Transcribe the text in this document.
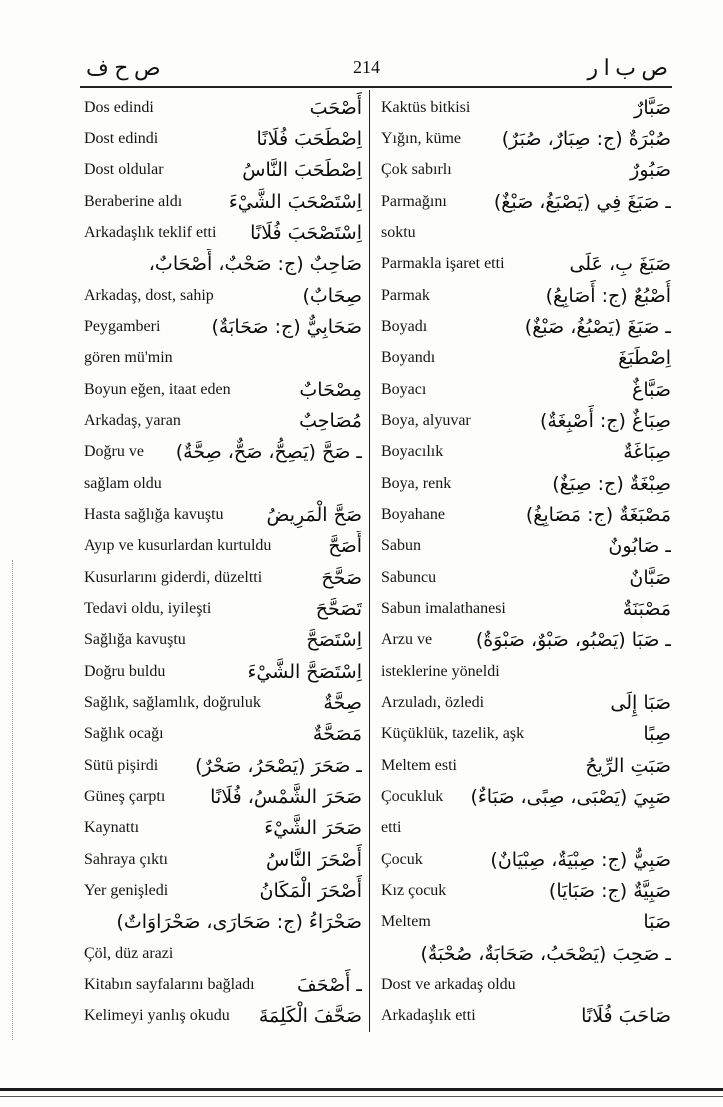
ص ح ف	214	ص ب ا ر
Dos edindi	أَصْحَبَ
Dost edindi	اِصْطَحَبَ فُلَانًا
Dost oldular	اِصْطَحَبَ النَّاسُ
Beraberine aldı اِسْتَصْحَبَ الشَّيْءَ
Arkadaşlık teklif etti اِسْتَصْحَبَ فُلَانًا
صَاحِبٌ (ج: صَحْبٌ، أَصْحَابٌ،
Arkadaş, dost, sahip	صِحَابٌ)
Peygamberi	صَحَابِيٌّ (ج: صَحَابَةٌ)
gören mü'min
Boyun eğen, itaat eden	مِصْحَابٌ
Arkadaş, yaran	مُصَاحِبٌ
Doğru ve ـ صَحَّ (يَصِحُّ، صَحٌّ، صِحَّةٌ)
sağlam oldu
Hasta sağlığa kavuştu صَحَّ الْمَرِيضُ
Ayıp ve kusurlardan kurtuldu	أَصَحَّ
Kusurlarını giderdi, düzeltti	صَحَّحَ
Tedavi oldu, iyileşti	تَصَحَّحَ
Sağlığa kavuştu	اِسْتَصَحَّ
Doğru buldu	اِسْتَصَحَّ الشَّيْءَ
Sağlık, sağlamlık, doğruluk	صِحَّةٌ
Sağlık ocağı	مَصَحَّةٌ
Sütü pişirdi ـ صَحَرَ (يَصْحَرُ، صَحْرٌ)
Güneş çarptı صَحَرَ الشَّمْسُ، فُلَانًا
Kaynattı	صَحَرَ الشَّيْءَ
Sahraya çıktı	أَصْحَرَ النَّاسُ
Yer genişledi	أَصْحَرَ الْمَكَانُ
صَحْرَاءُ (ج: صَحَارَى، صَحْرَاوَاتٌ)
Çöl, düz arazi
Kitabın sayfalarını bağladı ـ أَصْحَفَ
Kelimeyi yanlış okudu صَحَّفَ الْكَلِمَةَ
Kaktüs bitkisi	صَبَّارٌ
Yığın, küme صُبْرَةٌ (ج: صِبَارٌ، صُبَرٌ)
Çok sabırlı	صَبُورٌ
Parmağını ـ صَبَغَ فِي (يَصْبَغُ، صَبْغٌ)
soktu
Parmakla işaret etti	صَبَغَ بِ، عَلَى
Parmak	أُصْبُعٌ (ج: أَصَابِعُ)
Boyadı	ـ صَبَغَ (يَصْبُغُ، صَبْغٌ)
Boyandı	اِصْطَبَغَ
Boyacı	صَبَّاغٌ
Boya, alyuvar	صِبَاغٌ (ج: أَصْبِغَةٌ)
Boyacılık	صِبَاغَةٌ
Boya, renk	صِبْغَةٌ (ج: صِبَغٌ)
Boyahane	مَصْبَغَةٌ (ج: مَصَابِغُ)
Sabun	ـ صَابُونٌ
Sabuncu	صَبَّانٌ
Sabun imalathanesi	مَصْبَنَةٌ
Arzu ve ـ صَبَا (يَصْبُو، صَبْوٌ، صَبْوَةٌ)
isteklerine yöneldi
Arzuladı, özledi	صَبَا إِلَى
Küçüklük, tazelik, aşk	صِبًا
Meltem esti	صَبَتِ الرِّيحُ
Çocukluk صَبِيَ (يَصْبَى، صِبًى، صَبَاءٌ)
etti
Çocuk	صَبِيٌّ (ج: صِبْيَةٌ، صِبْيَانٌ)
Kız çocuk	صَبِيَّةٌ (ج: صَبَايَا)
Meltem	صَبَا
ـ صَحِبَ (يَصْحَبُ، صَحَابَةٌ، صُحْبَةٌ)
Dost ve arkadaş oldu
Arkadaşlık etti	صَاحَبَ فُلَانًا
